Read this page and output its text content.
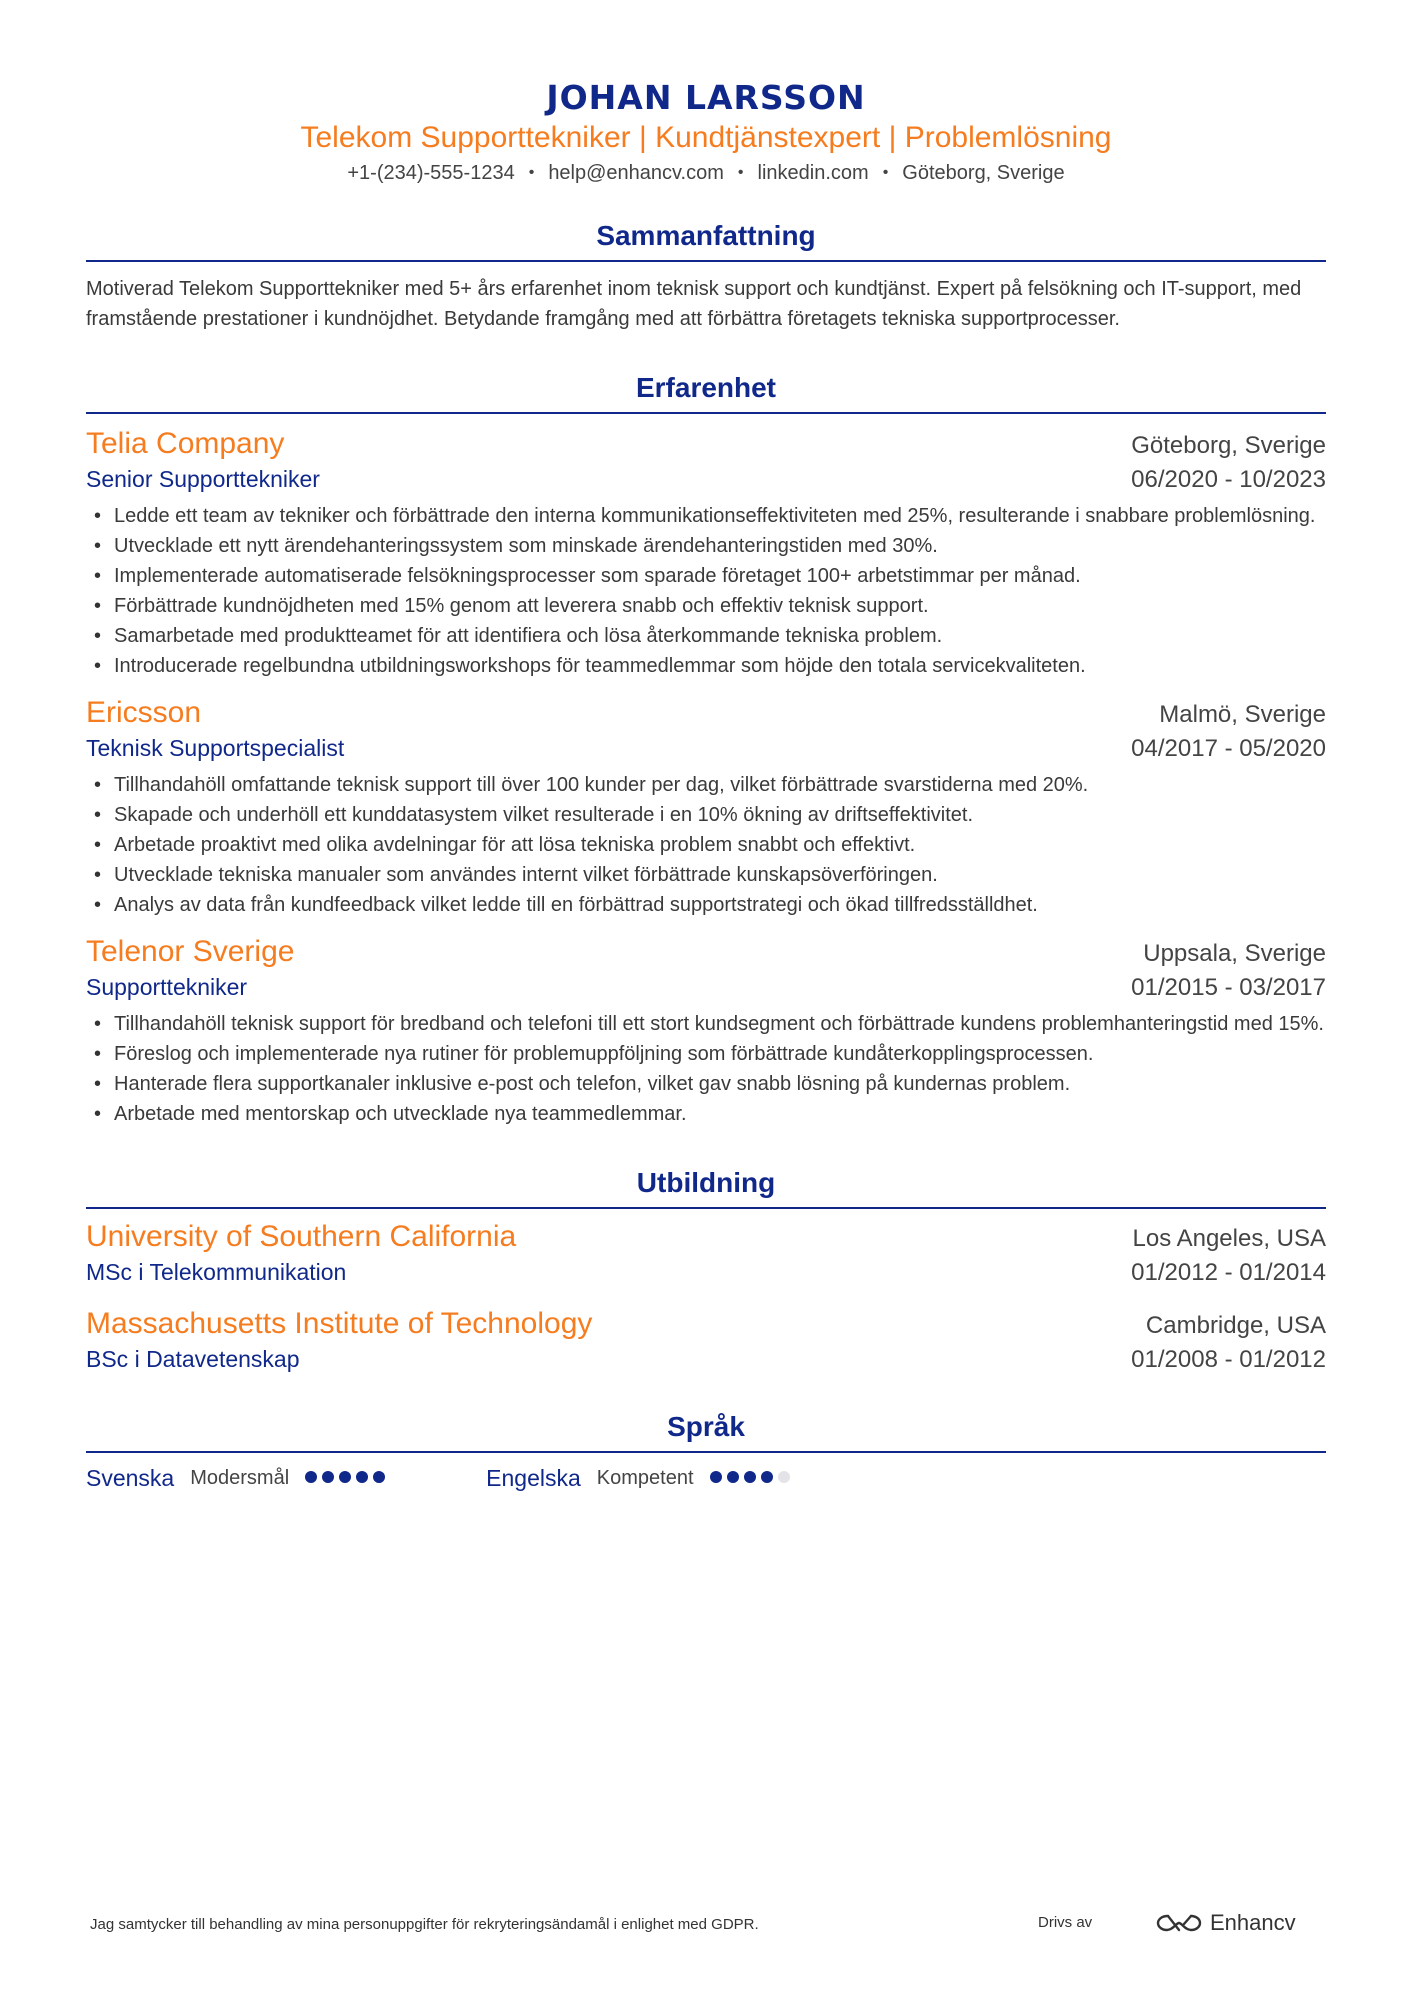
JOHAN LARSSON
Telekom Supporttekniker | Kundtjänstexpert | Problemlösning
+1-(234)-555-1234 • help@enhancv.com • linkedin.com • Göteborg, Sverige
Sammanfattning

Motiverad Telekom Supporttekniker med 5+ års erfarenhet inom teknisk support och kundtjänst. Expert på felsökning och IT-support, med framstående prestationer i kundnöjdhet. Betydande framgång med att förbättra företagets tekniska supportprocesser.

Erfarenhet
Telia Company	Göteborg, Sverige
Senior Supporttekniker	06/2020 - 10/2023
• Ledde ett team av tekniker och förbättrade den interna kommunikationseffektiviteten med 25%, resulterande i snabbare problemlösning.
• Utvecklade ett nytt ärendehanteringssystem som minskade ärendehanteringstiden med 30%.
• Implementerade automatiserade felsökningsprocesser som sparade företaget 100+ arbetstimmar per månad.
• Förbättrade kundnöjdheten med 15% genom att leverera snabb och effektiv teknisk support.
• Samarbetade med produktteamet för att identifiera och lösa återkommande tekniska problem.
• Introducerade regelbundna utbildningsworkshops för teammedlemmar som höjde den totala servicekvaliteten.
Ericsson	Malmö, Sverige
Teknisk Supportspecialist	04/2017 - 05/2020
• Tillhandahöll omfattande teknisk support till över 100 kunder per dag, vilket förbättrade svarstiderna med 20%.
• Skapade och underhöll ett kunddatasystem vilket resulterade i en 10% ökning av driftseffektivitet.
• Arbetade proaktivt med olika avdelningar för att lösa tekniska problem snabbt och effektivt.
• Utvecklade tekniska manualer som användes internt vilket förbättrade kunskapsöverföringen.
• Analys av data från kundfeedback vilket ledde till en förbättrad supportstrategi och ökad tillfredsställdhet.
Telenor Sverige	Uppsala, Sverige
Supporttekniker	01/2015 - 03/2017
• Tillhandahöll teknisk support för bredband och telefoni till ett stort kundsegment och förbättrade kundens problemhanteringstid med 15%.
• Föreslog och implementerade nya rutiner för problemuppföljning som förbättrade kundåterkopplingsprocessen.
• Hanterade flera supportkanaler inklusive e-post och telefon, vilket gav snabb lösning på kundernas problem.
• Arbetade med mentorskap och utvecklade nya teammedlemmar.
Utbildning
University of Southern California	Los Angeles, USA
MSc i Telekommunikation	01/2012 - 01/2014
Massachusetts Institute of Technology	Cambridge, USA
BSc i Datavetenskap	01/2008 - 01/2012
Språk
Svenska Modersmål	Engelska Kompetent
Jag samtycker till behandling av mina personuppgifter för rekryteringsändamål i enlighet med GDPR.	Drivs av	Enhancv
